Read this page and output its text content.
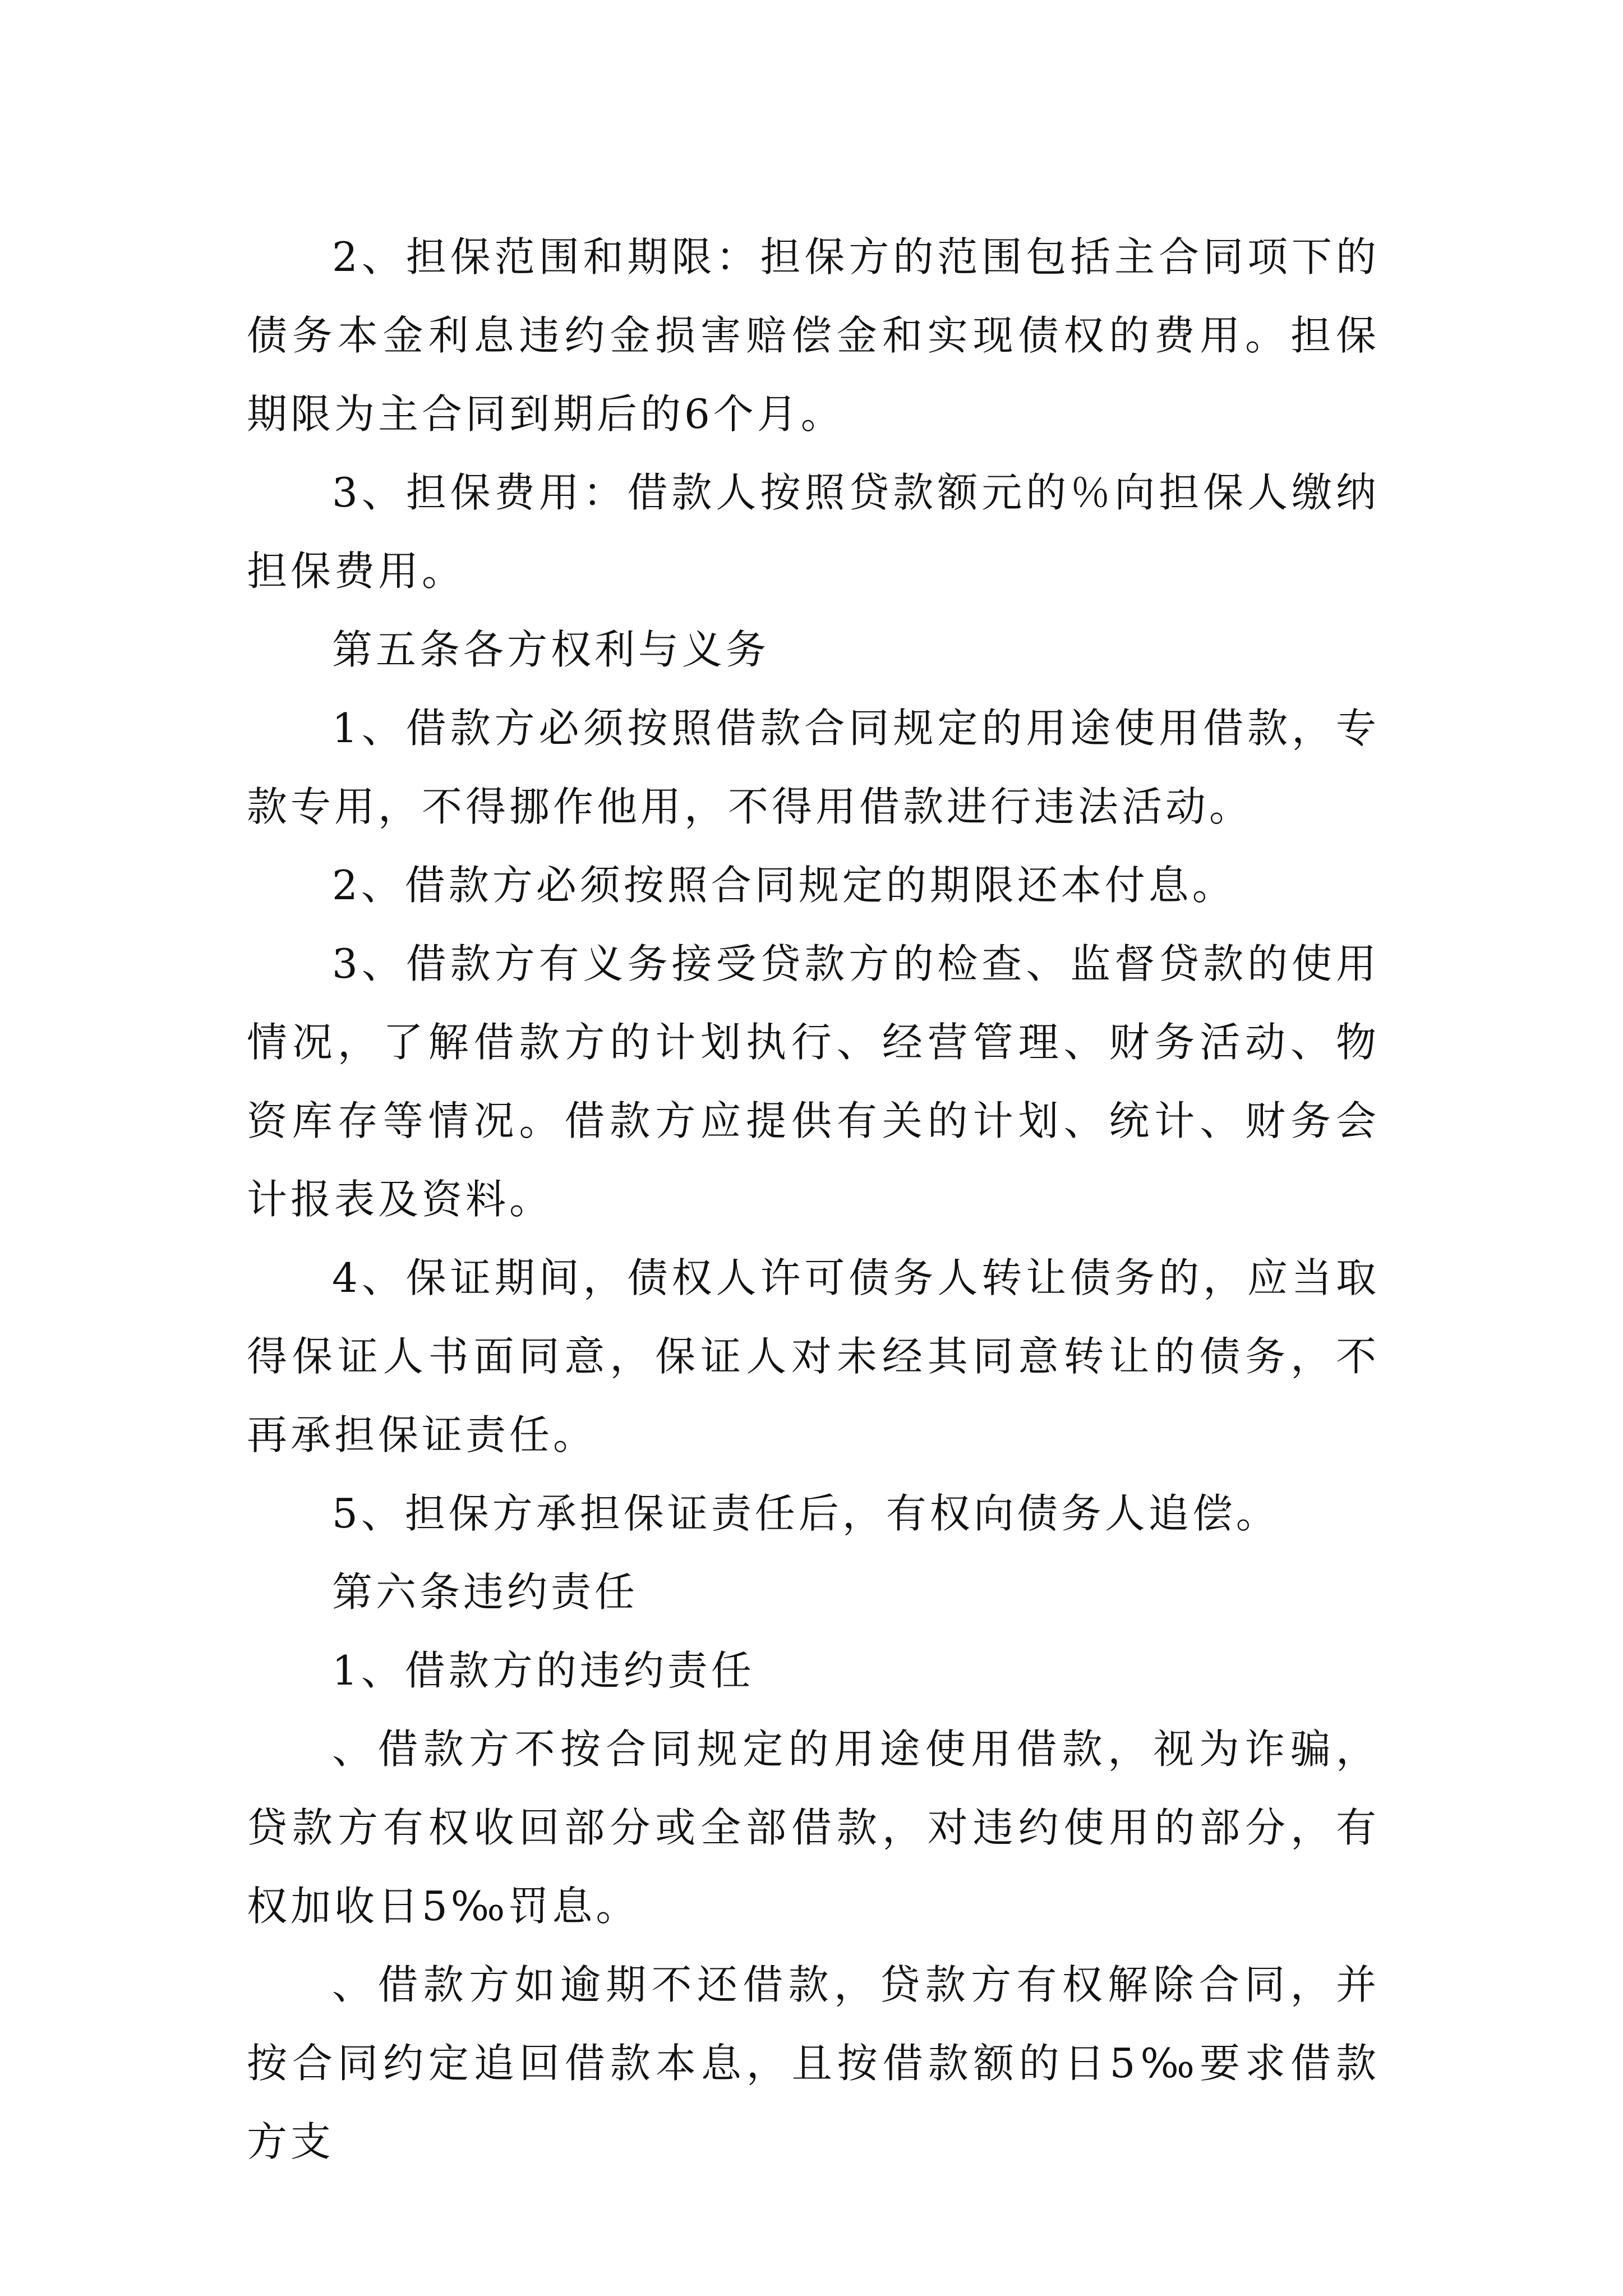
2、担保范围和期限：担保方的范围包括主合同项下的债务本金利息违约金损害赔偿金和实现债权的费用。担保期限为主合同到期后的6个月。

3、担保费用：借款人按照贷款额元的％向担保人缴纳担保费用。

第五条各方权利与义务

1、借款方必须按照借款合同规定的用途使用借款，专款专用，不得挪作他用，不得用借款进行违法活动。

2、借款方必须按照合同规定的期限还本付息。

3、借款方有义务接受贷款方的检查、监督贷款的使用情况，了解借款方的计划执行、经营管理、财务活动、物资库存等情况。借款方应提供有关的计划、统计、财务会计报表及资料。

4、保证期间，债权人许可债务人转让债务的，应当取得保证人书面同意，保证人对未经其同意转让的债务，不再承担保证责任。

5、担保方承担保证责任后，有权向债务人追偿。

第六条违约责任

1、借款方的违约责任

、借款方不按合同规定的用途使用借款，视为诈骗，贷款方有权收回部分或全部借款，对违约使用的部分，有权加收日5‰罚息。

、借款方如逾期不还借款，贷款方有权解除合同，并按合同约定追回借款本息，且按借款额的日5‰要求借款方支
